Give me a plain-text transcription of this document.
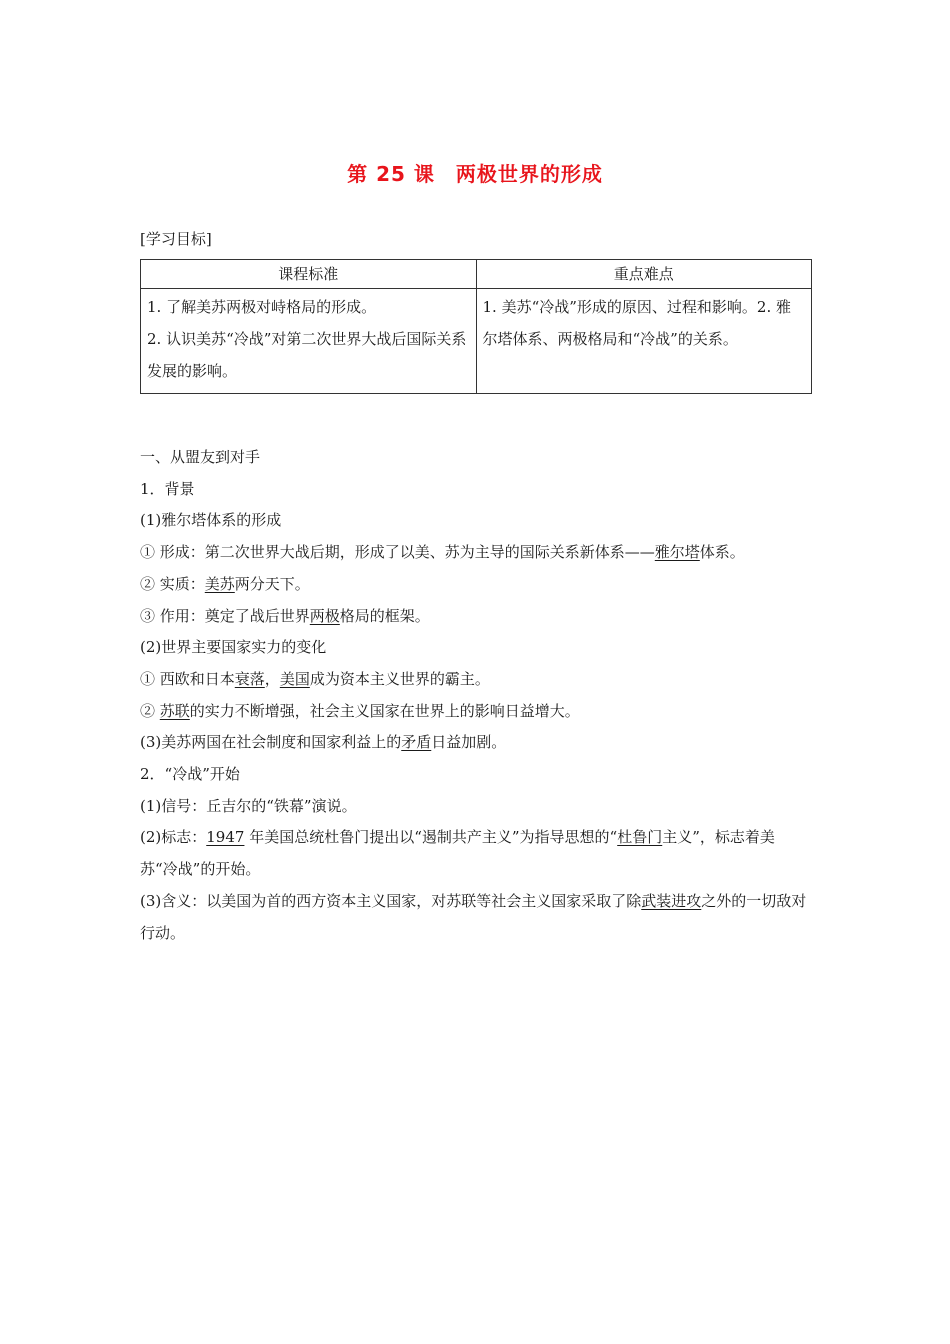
第 25 课　两极世界的形成
[学习目标]
课程标准	重点难点

1. 了解美苏两极对峙格局的形成。
2. 认识美苏“冷战”对第二次世界大战后国际关系发展的影响。	1. 美苏“冷战”形成的原因、过程和影响。2. 雅尔塔体系、两极格局和“冷战”的关系。
一、从盟友到对手
1．背景
(1)雅尔塔体系的形成
① 形成：第二次世界大战后期，形成了以美、苏为主导的国际关系新体系——雅尔塔体系。
② 实质：美苏两分天下。
③ 作用：奠定了战后世界两极格局的框架。
(2)世界主要国家实力的变化
① 西欧和日本衰落，美国成为资本主义世界的霸主。
② 苏联的实力不断增强，社会主义国家在世界上的影响日益增大。
(3)美苏两国在社会制度和国家利益上的矛盾日益加剧。
2．“冷战”开始
(1)信号：丘吉尔的“铁幕”演说。
(2)标志：1947 年美国总统杜鲁门提出以“遏制共产主义”为指导思想的“杜鲁门主义”，标志着美苏“冷战”的开始。
(3)含义：以美国为首的西方资本主义国家，对苏联等社会主义国家采取了除武装进攻之外的一切敌对行动。
